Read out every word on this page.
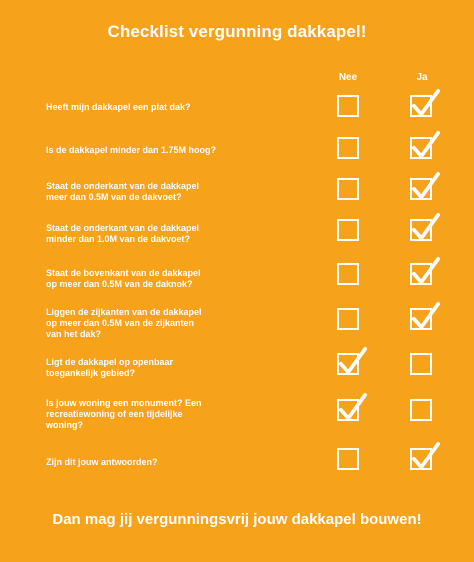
Checklist vergunning dakkapel!
Nee	Ja
Heeft mijn dakkapel een plat dak?
Is de dakkapel minder dan 1.75M hoog?
Staat de onderkant van de dakkapel
meer dan 0.5M van de dakvoet?
Staat de onderkant van de dakkapel
minder dan 1.0M van de dakvoet?
Staat de bovenkant van de dakkapel
op meer dan 0.5M van de daknok?
Liggen de zijkanten van de dakkapel
op meer dan 0.5M van de zijkanten
van het dak?
Ligt de dakkapel op openbaar
toegankelijk gebied?
Is jouw woning een monument? Een
recreatiewoning of een tijdelijke
woning?
Zijn dit jouw antwoorden?
Dan mag jij vergunningsvrij jouw dakkapel bouwen!
